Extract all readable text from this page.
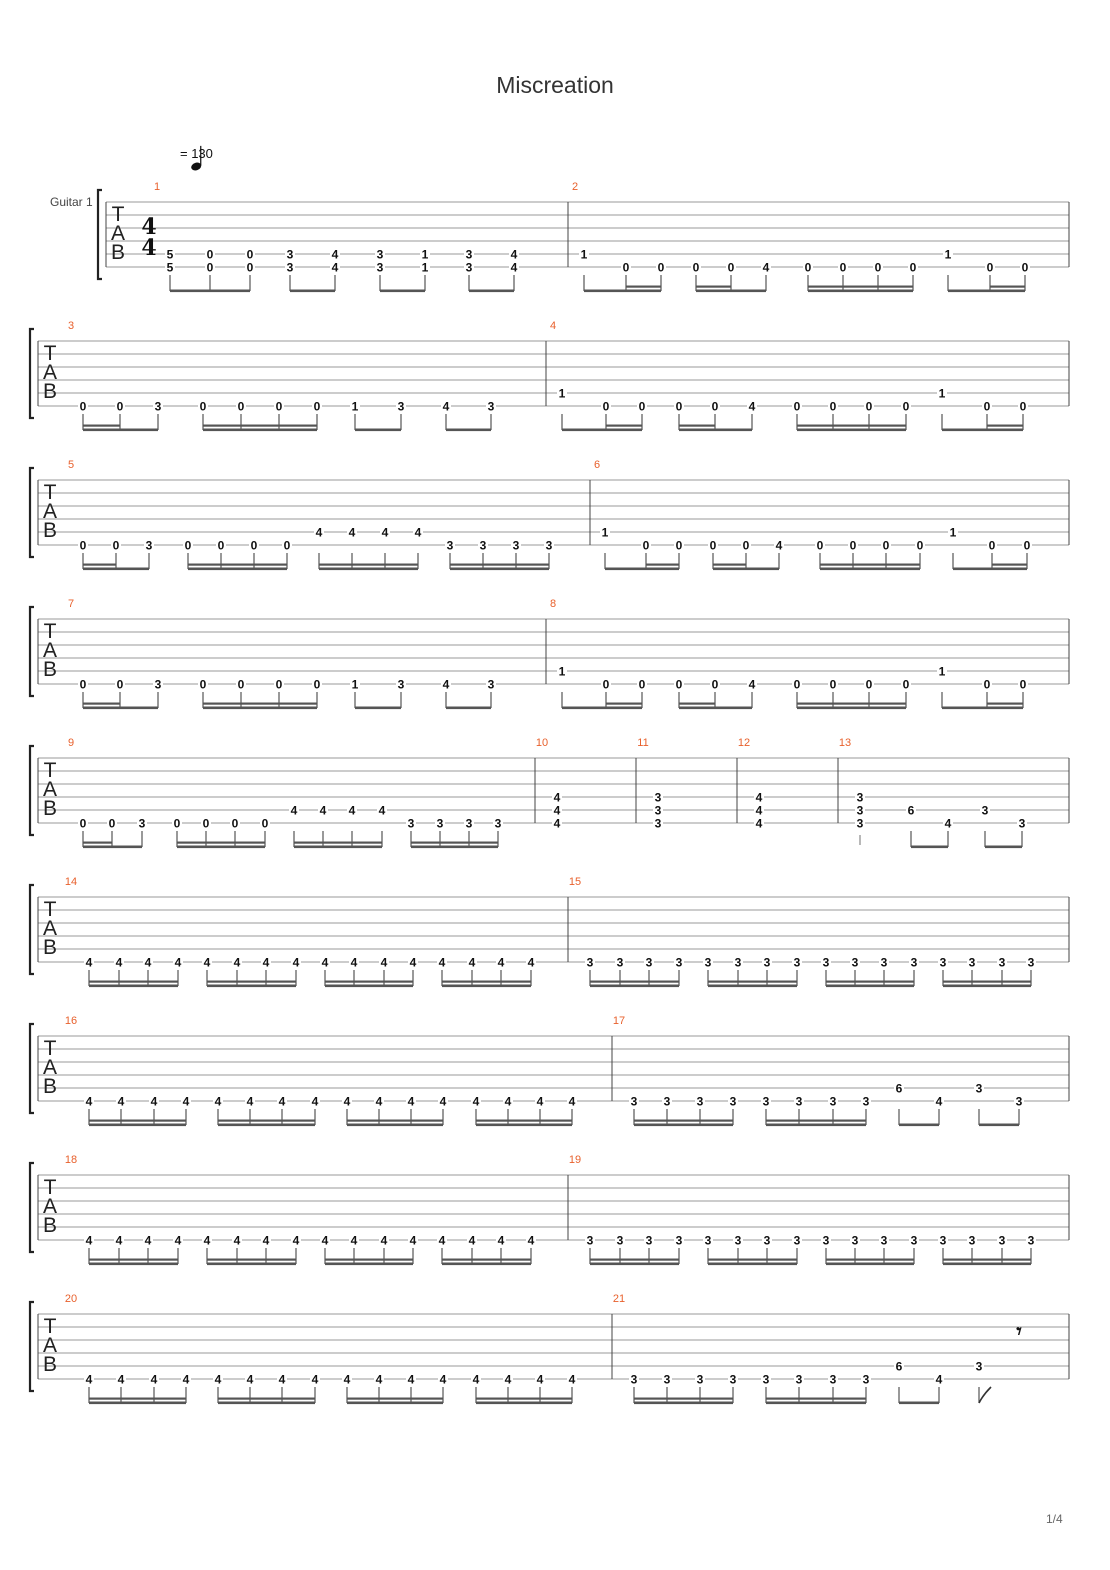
Miscreation
= 130
Guitar 1
1/4
T
A
B
4
4
1
5
5
0
0
0
0
3
3
4
4
3
3
1
1
3
3
4
4
2
1
0 0 0 0 4	0 0 0 0
1
0 0
T
A
B
3
0	0	3	0	0	0	0	1	3	4	3
4
1
0 0	0 0	4	0 0 0	0
1
0 0
T
A
B
5
0 0 3	0 0 0 0
4 4 4 4
3 3 3 3
6
1
0 0 0 0 4	0 0 0 0
1
0 0
T
A
B
7
0	0	3	0	0	0	0	1	3	4	3
8
1
0 0	0 0	4	0 0 0	0
1
0 0
T
A
B
9
0 0 3 0 0 0 0
4 4 4 4
3 3 3 3
10
4
4
4
11
3
3
3
12
4
4
4
13
3
3
3
6
4
3
3
T
A
B
14
4 4 4 4 4 4 4 4 4 4 4 4 4 4 4 4
15
3 3 3 3 3 3 3 3 3 3 3 3 3 3 3 3
T
A
B
16
4 4 4 4 4 4 4 4 4 4 4 4 4 4 4 4
17
3 3 3 3 3 3 3 3
6
4
3
3
T
A
B
18
4 4 4 4 4 4 4 4 4 4 4 4 4 4 4 4
19
3 3 3 3 3 3 3 3 3 3 3 3 3 3 3 3
T
A
B
20
4 4 4 4 4 4 4 4 4 4 4 4 4 4 4 4
21
3 3 3 3 3 3 3 3
6
4
3
𝄾
